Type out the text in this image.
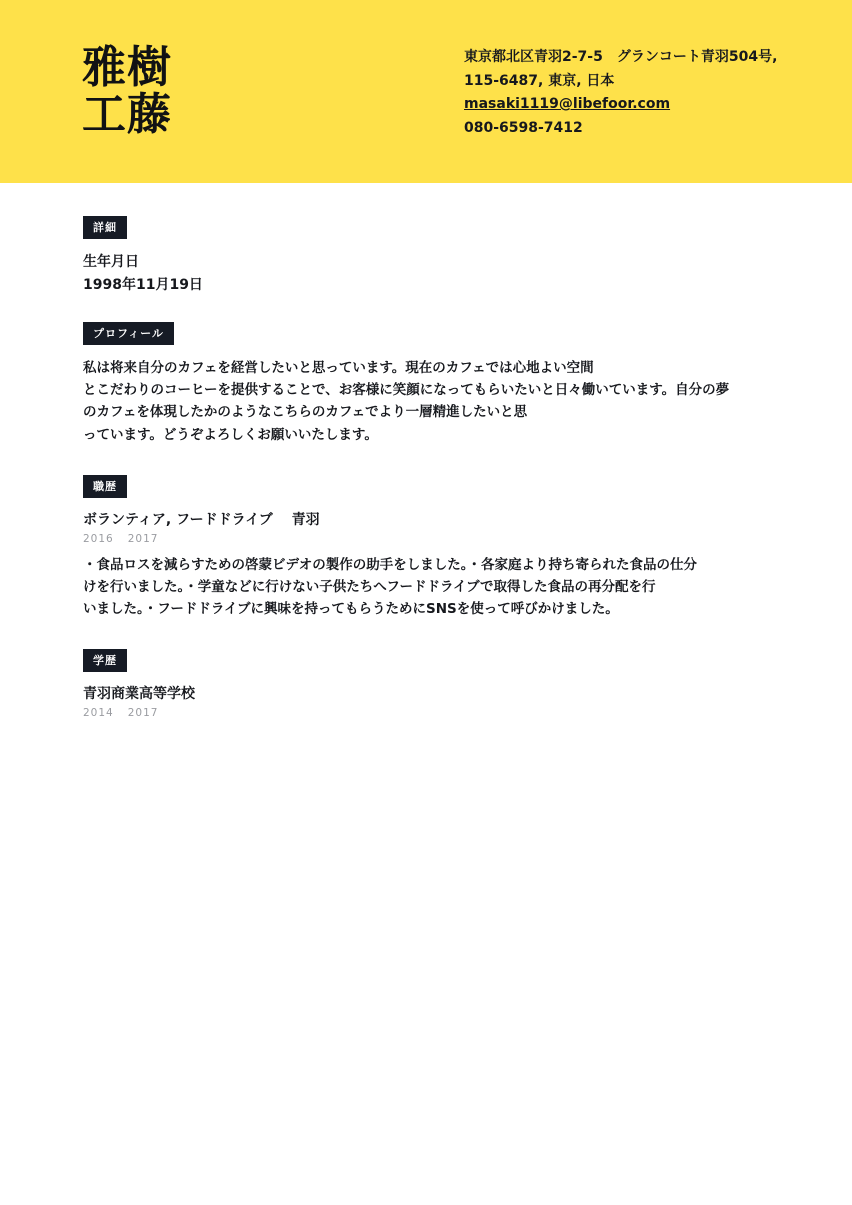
雅樹
工藤
東京都北区青羽2-7-5　グランコート青羽504号,
115-6487, 東京, 日本
masaki1119@libefoor.com
080-6598-7412
詳細
生年月日
1998年11月19日
プロフィール
私は将来自分のカフェを経営したいと思っています。現在のカフェでは心地よい空間
とこだわりのコーヒーを提供することで、お客様に笑顔になってもらいたいと日々働いています。自分の夢
のカフェを体現したかのようなこちらのカフェでより一層精進したいと思
っています。どうぞよろしくお願いいたします。
職歴
ボランティア, フードドライブ　 青羽
2016 2017
・食品ロスを減らすための啓蒙ビデオの製作の助手をしました。・各家庭より持ち寄られた食品の仕分
けを行いました。・学童などに行けない子供たちへフードドライブで取得した食品の再分配を行
いました。・フードドライブに興味を持ってもらうためにSNSを使って呼びかけました。
学歴
青羽商業高等学校
2014 2017
